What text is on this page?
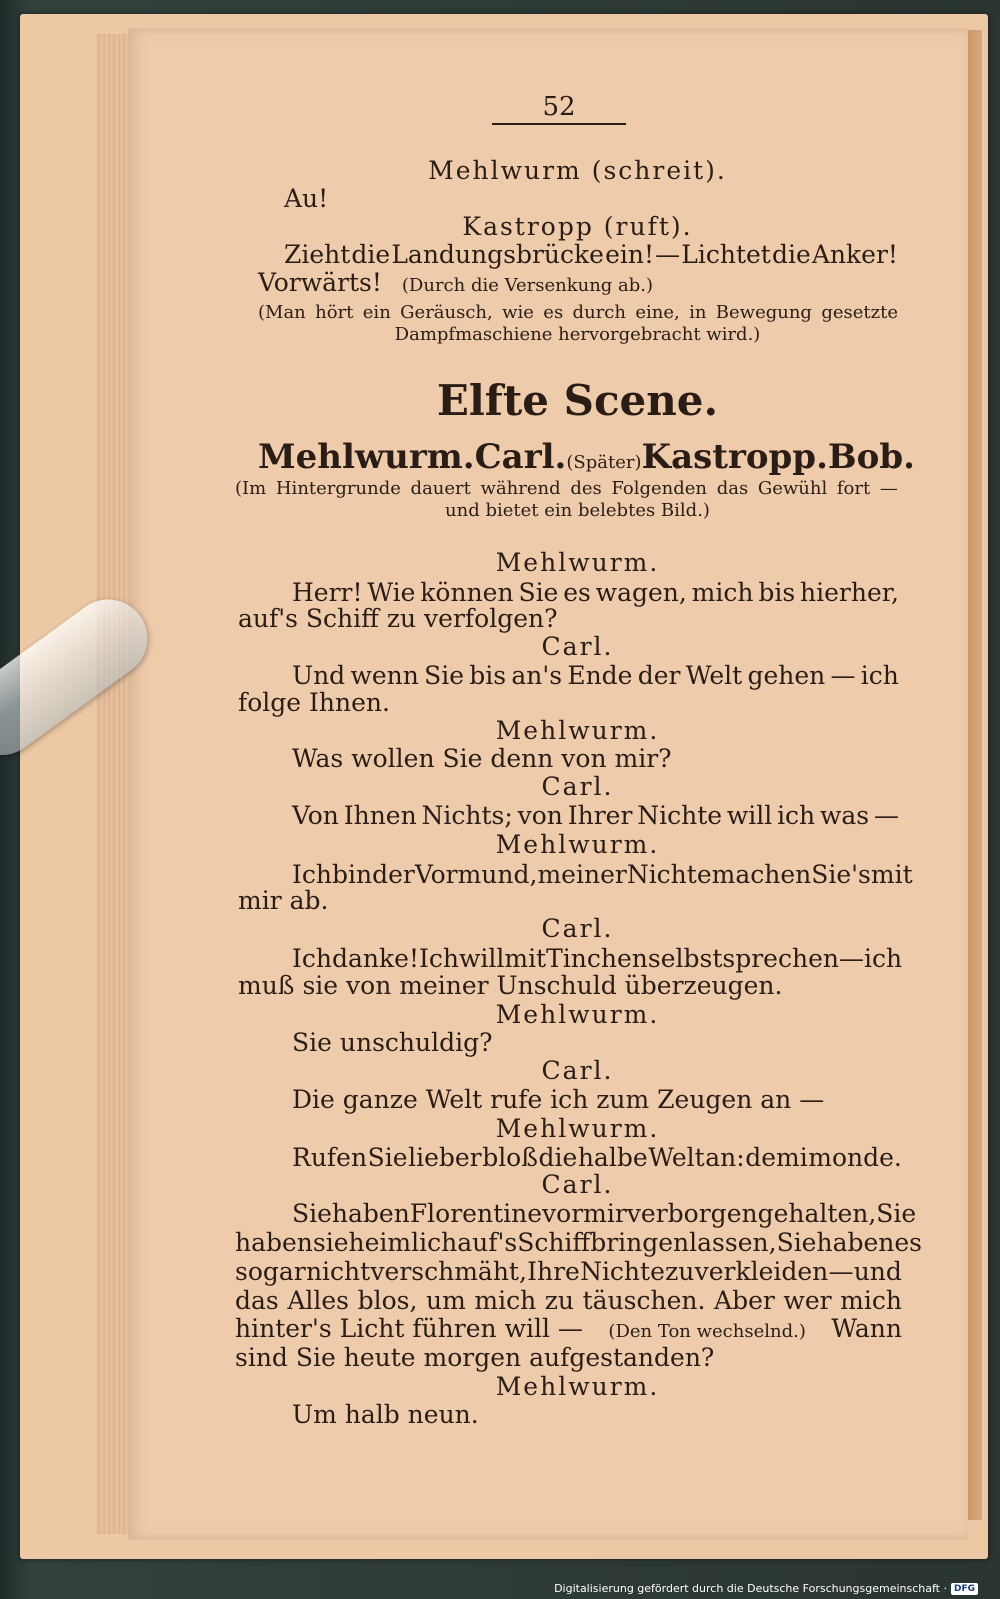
52
Mehlwurm (schreit).
Au!
Kastropp (ruft).
Zieht die Landungsbrücke ein! — Lichtet die Anker!
Vorwärts! (Durch die Versenkung ab.)
(Man hört ein Geräusch, wie es durch eine, in Bewegung gesetzte
Dampfmaschiene hervorgebracht wird.)
Elfte Scene.
Mehlwurm. Carl. (Später) Kastropp. Bob.
(Im Hintergrunde dauert während des Folgenden das Gewühl fort —
und bietet ein belebtes Bild.)
Mehlwurm.
Herr! Wie können Sie es wagen, mich bis hierher,
auf's Schiff zu verfolgen?
Carl.
Und wenn Sie bis an's Ende der Welt gehen — ich
folge Ihnen.
Mehlwurm.
Was wollen Sie denn von mir?
Carl.
Von Ihnen Nichts; von Ihrer Nichte will ich was —
Mehlwurm.
Ich bin der Vormund, meiner Nichte machen Sie's mit
mir ab.
Carl.
Ich danke! Ich will mit Tinchen selbst sprechen — ich
muß sie von meiner Unschuld überzeugen.
Mehlwurm.
Sie unschuldig?
Carl.
Die ganze Welt rufe ich zum Zeugen an —
Mehlwurm.
Rufen Sie lieber bloß die halbe Welt an: demi monde.
Carl.
Sie haben Florentine vor mir verborgen gehalten, Sie
haben sie heimlich auf's Schiff bringen lassen, Sie haben es
sogar nicht verschmäht, Ihre Nichte zu verkleiden — und
das Alles blos, um mich zu täuschen. Aber wer mich
hinter's Licht führen will — (Den Ton wechselnd.) Wann
sind Sie heute morgen aufgestanden?
Mehlwurm.
Um halb neun.
Digitalisierung gefördert durch die Deutsche Forschungsgemeinschaft · DFG
